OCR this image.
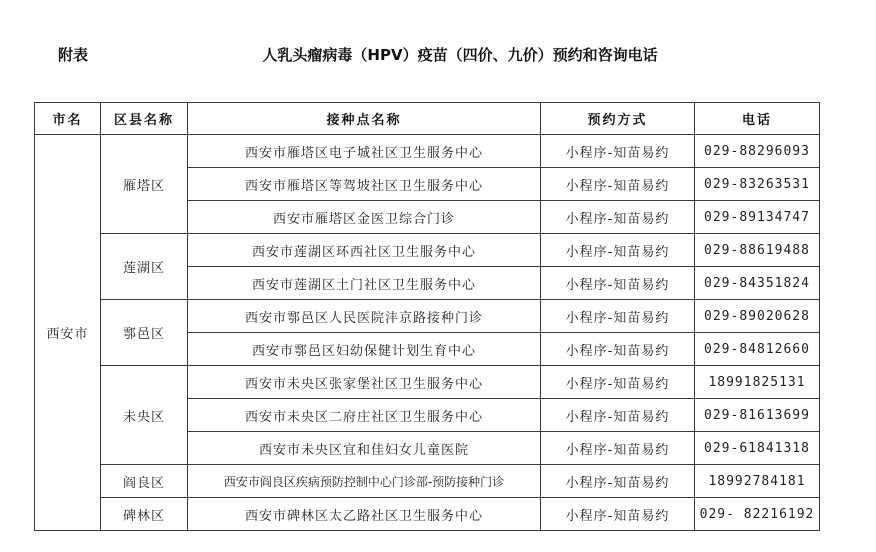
附表	人乳头瘤病毒（HPV）疫苗（四价、九价）预约和咨询电话
市名	区县名称	接种点名称	预约方式	电话
西安市	雁塔区	西安市雁塔区电子城社区卫生服务中心	小程序-知苗易约	029-88296093
		西安市雁塔区等驾坡社区卫生服务中心	小程序-知苗易约	029-83263531
		西安市雁塔区金医卫综合门诊	小程序-知苗易约	029-89134747
	莲湖区	西安市莲湖区环西社区卫生服务中心	小程序-知苗易约	029-88619488
		西安市莲湖区土门社区卫生服务中心	小程序-知苗易约	029-84351824
	鄠邑区	西安市鄠邑区人民医院沣京路接种门诊	小程序-知苗易约	029-89020628
		西安市鄠邑区妇幼保健计划生育中心	小程序-知苗易约	029-84812660
	未央区	西安市未央区张家堡社区卫生服务中心	小程序-知苗易约	18991825131
		西安市未央区二府庄社区卫生服务中心	小程序-知苗易约	029-81613699
		西安市未央区宜和佳妇女儿童医院	小程序-知苗易约	029-61841318
	阎良区	西安市阎良区疾病预防控制中心门诊部-预防接种门诊	小程序-知苗易约	18992784181
	碑林区	西安市碑林区太乙路社区卫生服务中心	小程序-知苗易约	029- 82216192
